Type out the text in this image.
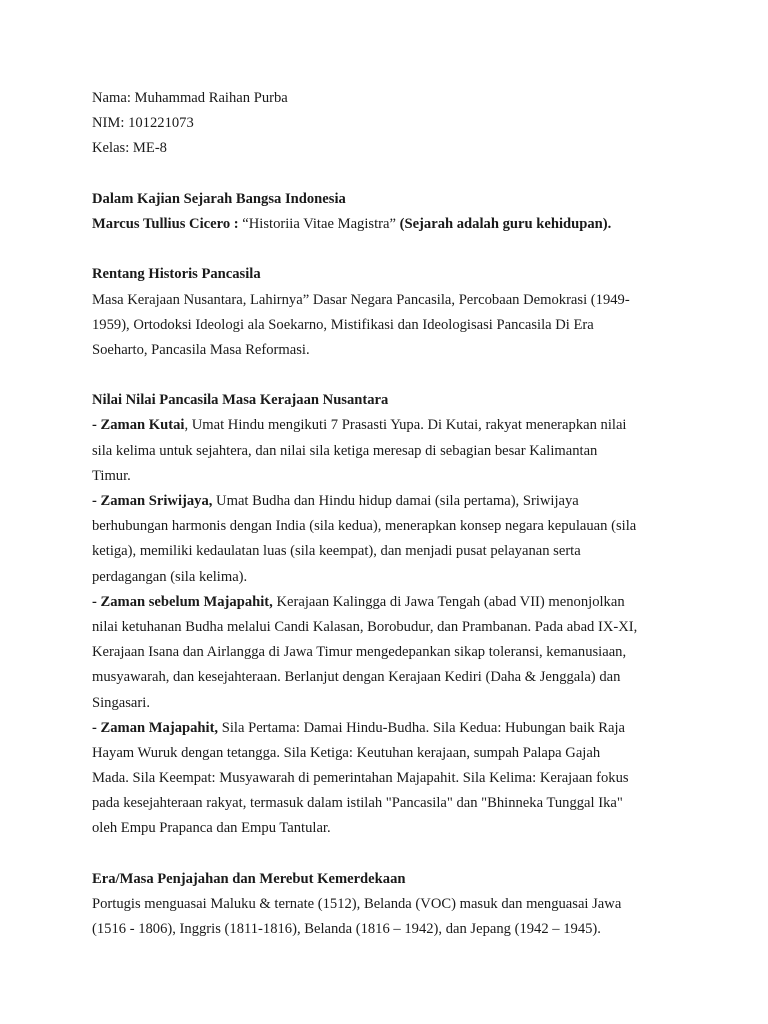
Nama: Muhammad Raihan Purba
NIM: 101221073
Kelas: ME-8
Dalam Kajian Sejarah Bangsa Indonesia
Marcus Tullius Cicero : “Historiia Vitae Magistra” (Sejarah adalah guru kehidupan).
Rentang Historis Pancasila
Masa Kerajaan Nusantara, Lahirnya” Dasar Negara Pancasila, Percobaan Demokrasi (1949-
1959), Ortodoksi Ideologi ala Soekarno, Mistifikasi dan Ideologisasi Pancasila Di Era
Soeharto, Pancasila Masa Reformasi.
Nilai Nilai Pancasila Masa Kerajaan Nusantara
- Zaman Kutai, Umat Hindu mengikuti 7 Prasasti Yupa. Di Kutai, rakyat menerapkan nilai
sila kelima untuk sejahtera, dan nilai sila ketiga meresap di sebagian besar Kalimantan
Timur.
- Zaman Sriwijaya, Umat Budha dan Hindu hidup damai (sila pertama), Sriwijaya
berhubungan harmonis dengan India (sila kedua), menerapkan konsep negara kepulauan (sila
ketiga), memiliki kedaulatan luas (sila keempat), dan menjadi pusat pelayanan serta
perdagangan (sila kelima).
- Zaman sebelum Majapahit, Kerajaan Kalingga di Jawa Tengah (abad VII) menonjolkan
nilai ketuhanan Budha melalui Candi Kalasan, Borobudur, dan Prambanan. Pada abad IX-XI,
Kerajaan Isana dan Airlangga di Jawa Timur mengedepankan sikap toleransi, kemanusiaan,
musyawarah, dan kesejahteraan. Berlanjut dengan Kerajaan Kediri (Daha & Jenggala) dan
Singasari.
- Zaman Majapahit, Sila Pertama: Damai Hindu-Budha. Sila Kedua: Hubungan baik Raja
Hayam Wuruk dengan tetangga. Sila Ketiga: Keutuhan kerajaan, sumpah Palapa Gajah
Mada. Sila Keempat: Musyawarah di pemerintahan Majapahit. Sila Kelima: Kerajaan fokus
pada kesejahteraan rakyat, termasuk dalam istilah "Pancasila" dan "Bhinneka Tunggal Ika"
oleh Empu Prapanca dan Empu Tantular.
Era/Masa Penjajahan dan Merebut Kemerdekaan
Portugis menguasai Maluku & ternate (1512), Belanda (VOC) masuk dan menguasai Jawa
(1516 - 1806), Inggris (1811-1816), Belanda (1816 – 1942), dan Jepang (1942 – 1945).
